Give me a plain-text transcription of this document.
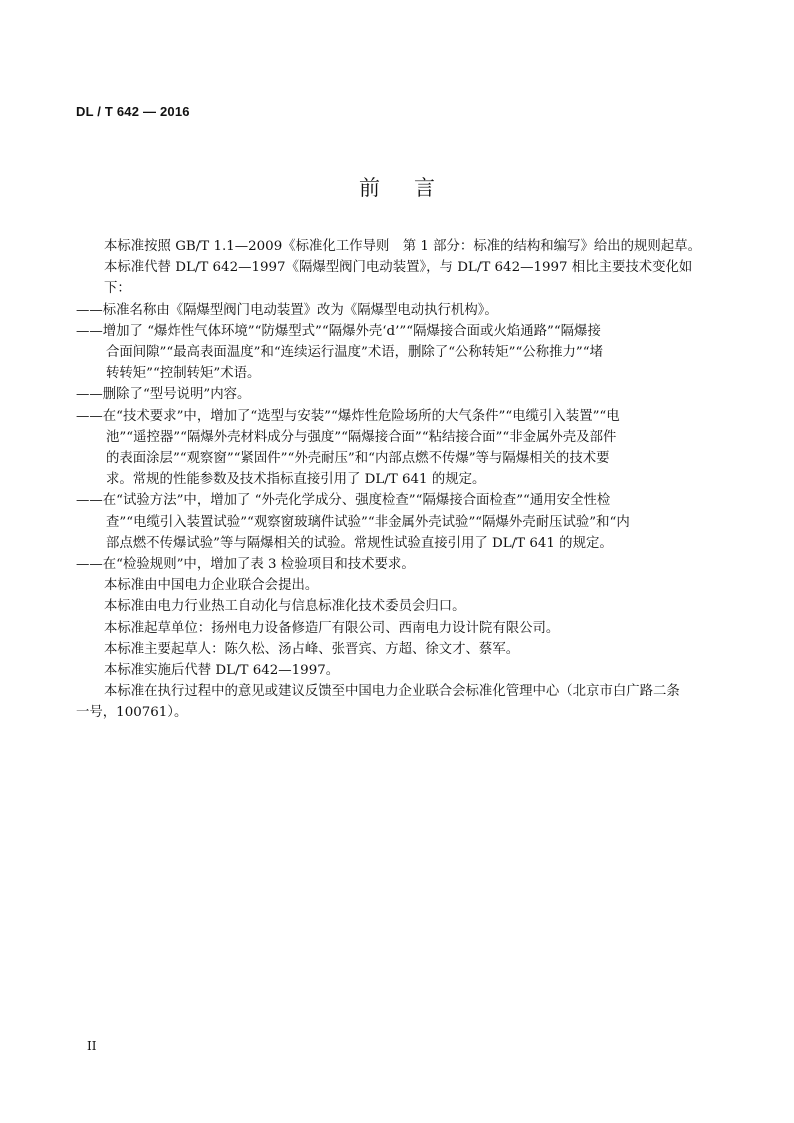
DL / T 642 — 2016
前言
本标准按照 GB/T 1.1—2009《标准化工作导则　第 1 部分：标准的结构和编写》给出的规则起草。
本标准代替 DL/T 642—1997《隔爆型阀门电动装置》，与 DL/T 642—1997 相比主要技术变化如下：
——标准名称由《隔爆型阀门电动装置》改为《隔爆型电动执行机构》。
——增加了 “爆炸性气体环境”“防爆型式”“隔爆外壳‘d’”“隔爆接合面或火焰通路”“隔爆接
合面间隙”“最高表面温度”和“连续运行温度”术语，删除了“公称转矩”“公称推力”“堵
转转矩”“控制转矩”术语。
——删除了“型号说明”内容。
——在“技术要求”中，增加了“选型与安装”“爆炸性危险场所的大气条件”“电缆引入装置”“电
池”“遥控器”“隔爆外壳材料成分与强度”“隔爆接合面”“粘结接合面”“非金属外壳及部件
的表面涂层”“观察窗”“紧固件”“外壳耐压”和“内部点燃不传爆”等与隔爆相关的技术要
求。常规的性能参数及技术指标直接引用了 DL/T 641 的规定。
——在“试验方法”中，增加了 “外壳化学成分、强度检查”“隔爆接合面检查”“通用安全性检
查”“电缆引入装置试验”“观察窗玻璃件试验”“非金属外壳试验”“隔爆外壳耐压试验”和“内
部点燃不传爆试验”等与隔爆相关的试验。常规性试验直接引用了 DL/T 641 的规定。
——在“检验规则”中，增加了表 3 检验项目和技术要求。
本标准由中国电力企业联合会提出。
本标准由电力行业热工自动化与信息标准化技术委员会归口。
本标准起草单位：扬州电力设备修造厂有限公司、西南电力设计院有限公司。
本标准主要起草人：陈久松、汤占峰、张晋宾、方超、徐文才、蔡军。
本标准实施后代替 DL/T 642—1997。
本标准在执行过程中的意见或建议反馈至中国电力企业联合会标准化管理中心（北京市白广路二条
一号，100761）。
II
